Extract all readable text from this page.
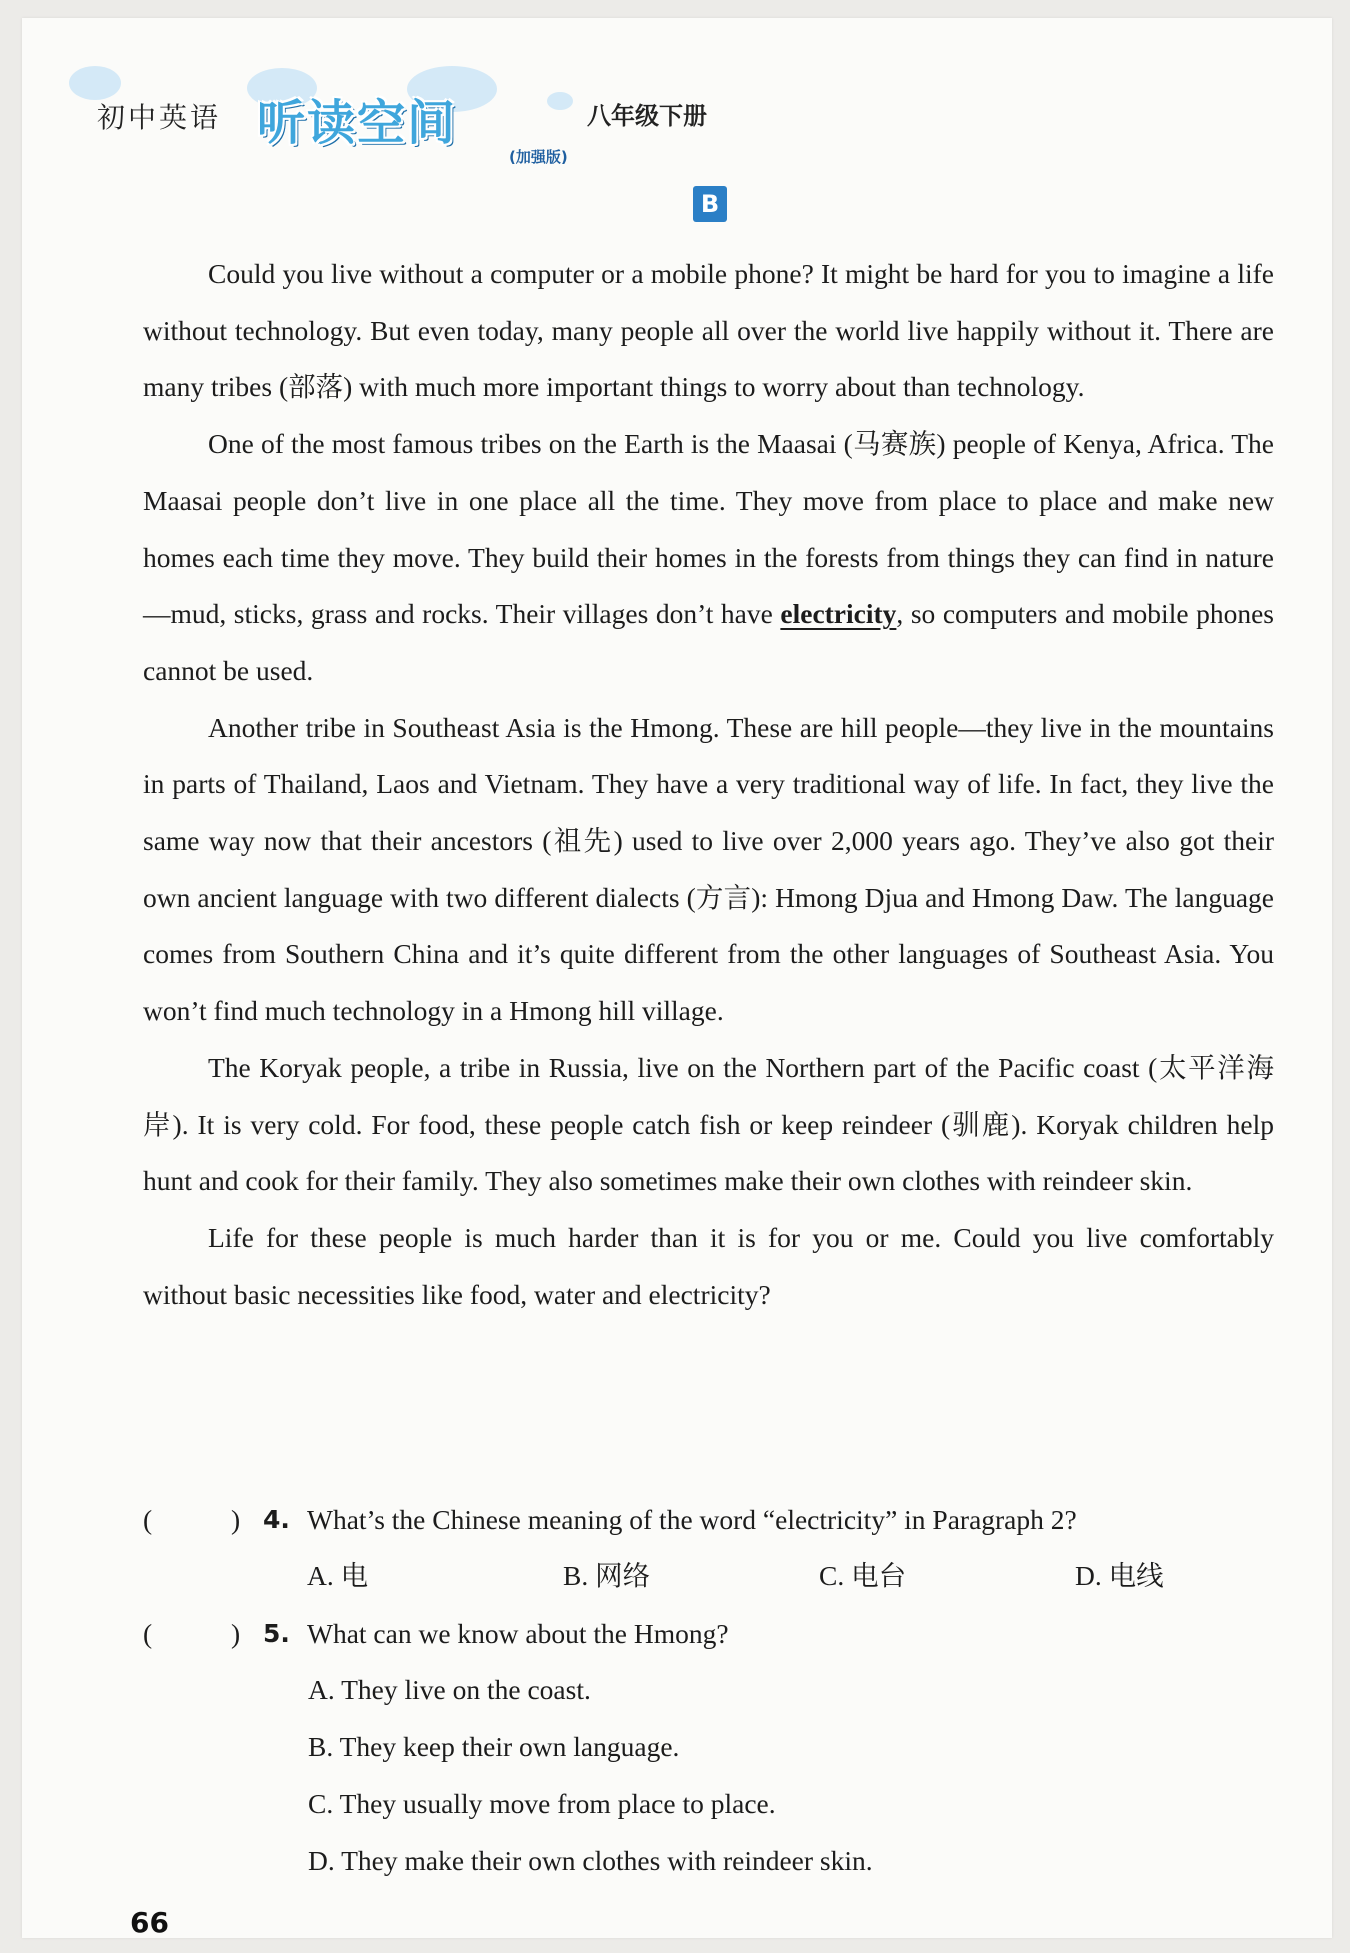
初中英语 听读空间
(加强版)
八年级下册
B

Could you live without a computer or a mobile phone? It might be hard for you to imagine a life without technology. But even today, many people all over the world live happily without it. There are many tribes (部落) with much more important things to worry about than technology.

One of the most famous tribes on the Earth is the Maasai (马赛族) people of Kenya, Africa. The Maasai people don’t live in one place all the time. They move from place to place and make new homes each time they move. They build their homes in the forests from things they can find in nature—mud, sticks, grass and rocks. Their villages don’t have electricity, so computers and mobile phones cannot be used.

Another tribe in Southeast Asia is the Hmong. These are hill people—they live in the mountains in parts of Thailand, Laos and Vietnam. They have a very traditional way of life. In fact, they live the same way now that their ancestors (祖先) used to live over 2,000 years ago. They’ve also got their own ancient language with two different dialects (方言): Hmong Djua and Hmong Daw. The language comes from Southern China and it’s quite different from the other languages of Southeast Asia. You won’t find much technology in a Hmong hill village.

The Koryak people, a tribe in Russia, live on the Northern part of the Pacific coast (太平洋海岸). It is very cold. For food, these people catch fish or keep reindeer (驯鹿). Koryak children help hunt and cook for their family. They also sometimes make their own clothes with reindeer skin.

Life for these people is much harder than it is for you or me. Could you live comfortably without basic necessities like food, water and electricity?

(	) 4. What’s the Chinese meaning of the word “electricity” in Paragraph 2?
A. 电	B. 网络	C. 电台	D. 电线
(	) 5. What can we know about the Hmong?
A. They live on the coast.
B. They keep their own language.
C. They usually move from place to place.
D. They make their own clothes with reindeer skin.
66
